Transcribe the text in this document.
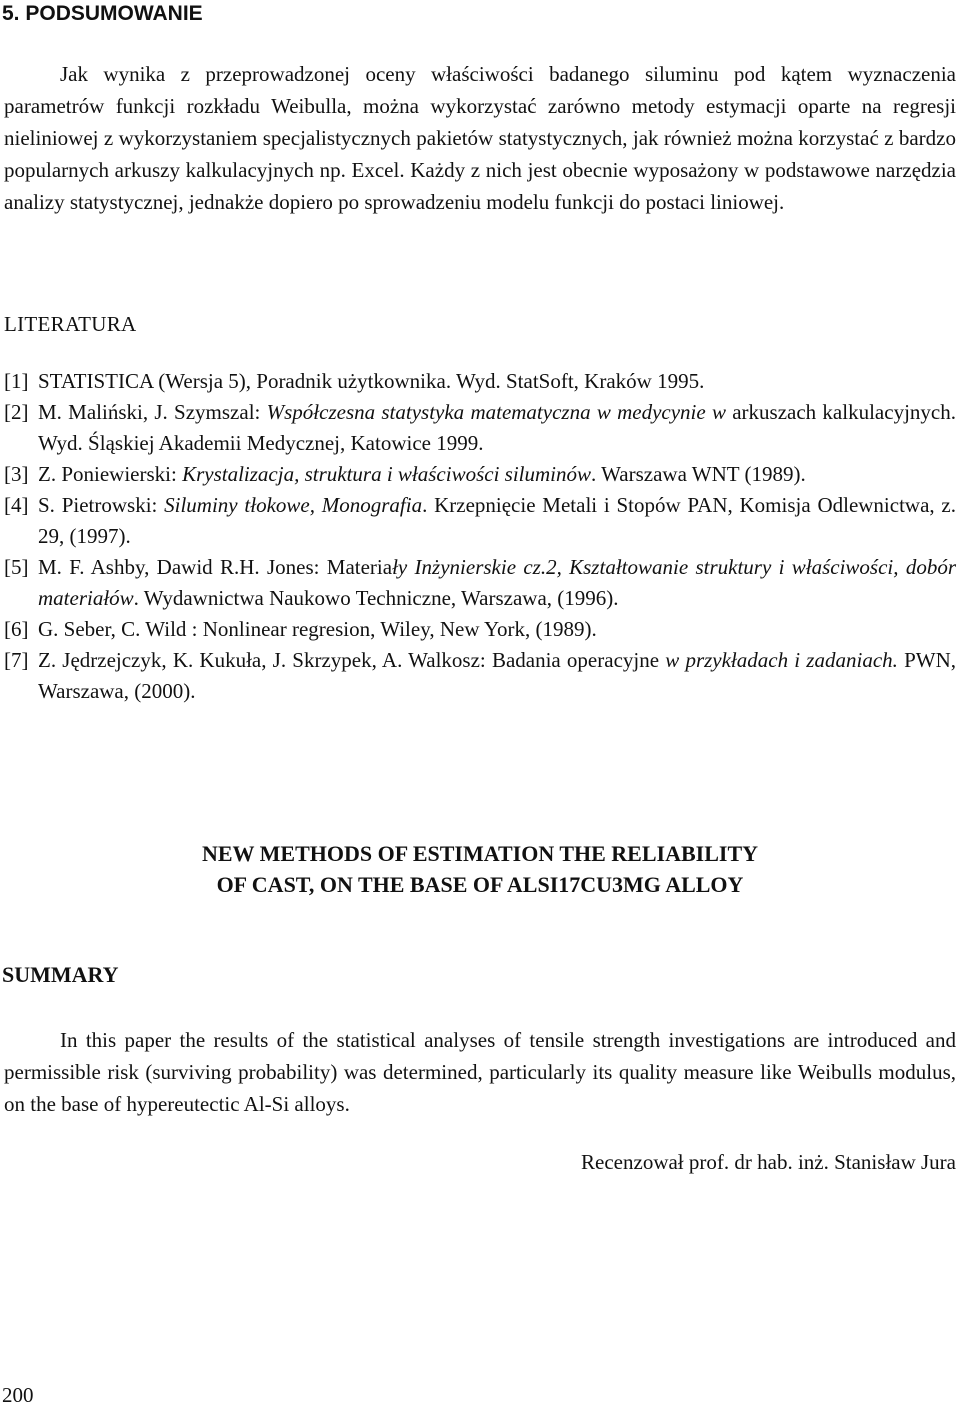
5. PODSUMOWANIE

Jak wynika z przeprowadzonej oceny właściwości badanego siluminu pod kątem wyznaczenia parametrów funkcji rozkładu Weibulla, można wykorzystać zarówno metody estymacji oparte na regresji nieliniowej z wykorzystaniem specjalistycznych pakietów statystycznych, jak również można korzystać z bardzo popularnych arkuszy kalkulacyjnych np. Excel. Każdy z nich jest obecnie wyposażony w podstawowe narzędzia analizy statystycznej, jednakże dopiero po sprowadzeniu modelu funkcji do postaci liniowej.

LITERATURA
[1] STATISTICA (Wersja 5), Poradnik użytkownika. Wyd. StatSoft, Kraków 1995.
[2] M. Maliński, J. Szymszal: Współczesna statystyka matematyczna w medycynie w arkuszach kalkulacyjnych. Wyd. Śląskiej Akademii Medycznej, Katowice 1999.
[3] Z. Poniewierski: Krystalizacja, struktura i właściwości siluminów. Warszawa WNT (1989).
[4] S. Pietrowski: Siluminy tłokowe, Monografia. Krzepnięcie Metali i Stopów PAN, Komisja Odlewnictwa, z. 29, (1997).
[5] M. F. Ashby, Dawid R.H. Jones: Materiały Inżynierskie cz.2, Kształtowanie struktury i właściwości, dobór materiałów. Wydawnictwa Naukowo Techniczne, Warszawa, (1996).
[6] G. Seber, C. Wild : Nonlinear regresion, Wiley, New York, (1989).
[7] Z. Jędrzejczyk, K. Kukuła, J. Skrzypek, A. Walkosz: Badania operacyjne w przykładach i zadaniach. PWN, Warszawa, (2000).
NEW METHODS OF ESTIMATION THE RELIABILITY
OF CAST, ON THE BASE OF ALSI17CU3MG ALLOY
SUMMARY

In this paper the results of the statistical analyses of tensile strength investigations are introduced and permissible risk (surviving probability) was determined, particularly its quality measure like Weibulls modulus, on the base of hypereutectic Al-Si alloys.

Recenzował prof. dr hab. inż. Stanisław Jura

200
